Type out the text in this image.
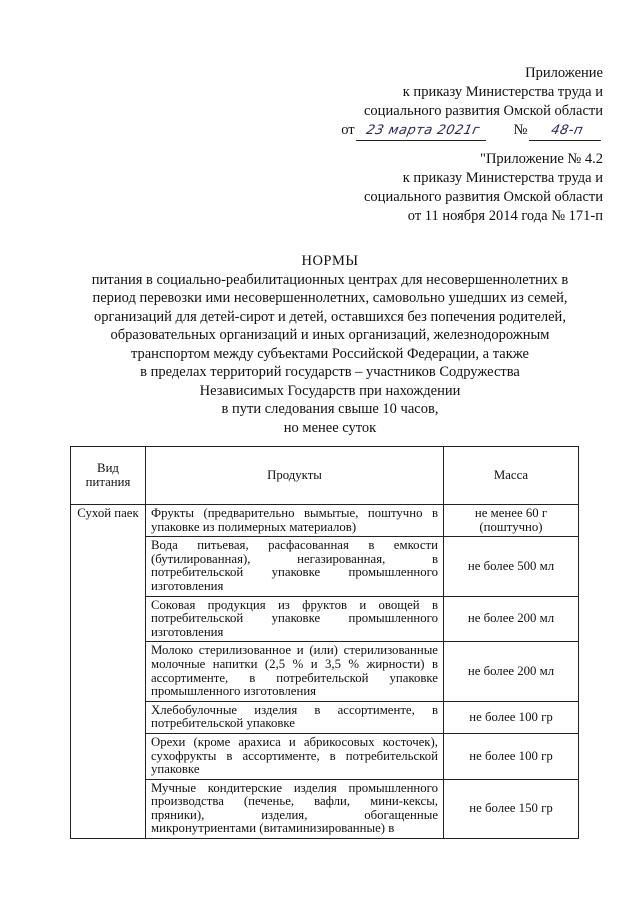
Приложение
к приказу Министерства труда и
социального развития Омской области
от 23 марта 2021г № 48-п
"Приложение № 4.2
к приказу Министерства труда и
социального развития Омской области
от 11 ноября 2014 года № 171-п
НОРМЫ
питания в социально-реабилитационных центрах для несовершеннолетних в
период перевозки ими несовершеннолетних, самовольно ушедших из семей,
организаций для детей-сирот и детей, оставшихся без попечения родителей,
образовательных организаций и иных организаций, железнодорожным
транспортом между субъектами Российской Федерации, а также
в пределах территорий государств – участников Содружества
Независимых Государств при нахождении
в пути следования свыше 10 часов,
но менее суток
Вид питания	Продукты	Масса
Сухой паек	Фрукты (предварительно вымытые, поштучно в упаковке из полимерных материалов)	не менее 60 г (поштучно)
	Вода питьевая, расфасованная в емкости (бутилированная), негазированная, в потребительской упаковке промышленного изготовления	не более 500 мл
	Соковая продукция из фруктов и овощей в потребительской упаковке промышленного изготовления	не более 200 мл
	Молоко стерилизованное и (или) стерилизованные молочные напитки (2,5 % и 3,5 % жирности) в ассортименте, в потребительской упаковке промышленного изготовления	не более 200 мл
	Хлебобулочные изделия в ассортименте, в потребительской упаковке	не более 100 гр
	Орехи (кроме арахиса и абрикосовых косточек), сухофрукты в ассортименте, в потребительской упаковке	не более 100 гр
	Мучные кондитерские изделия промышленного производства (печенье, вафли, мини-кексы, пряники), изделия, обогащенные микронутриентами (витаминизированные) в	не более 150 гр
